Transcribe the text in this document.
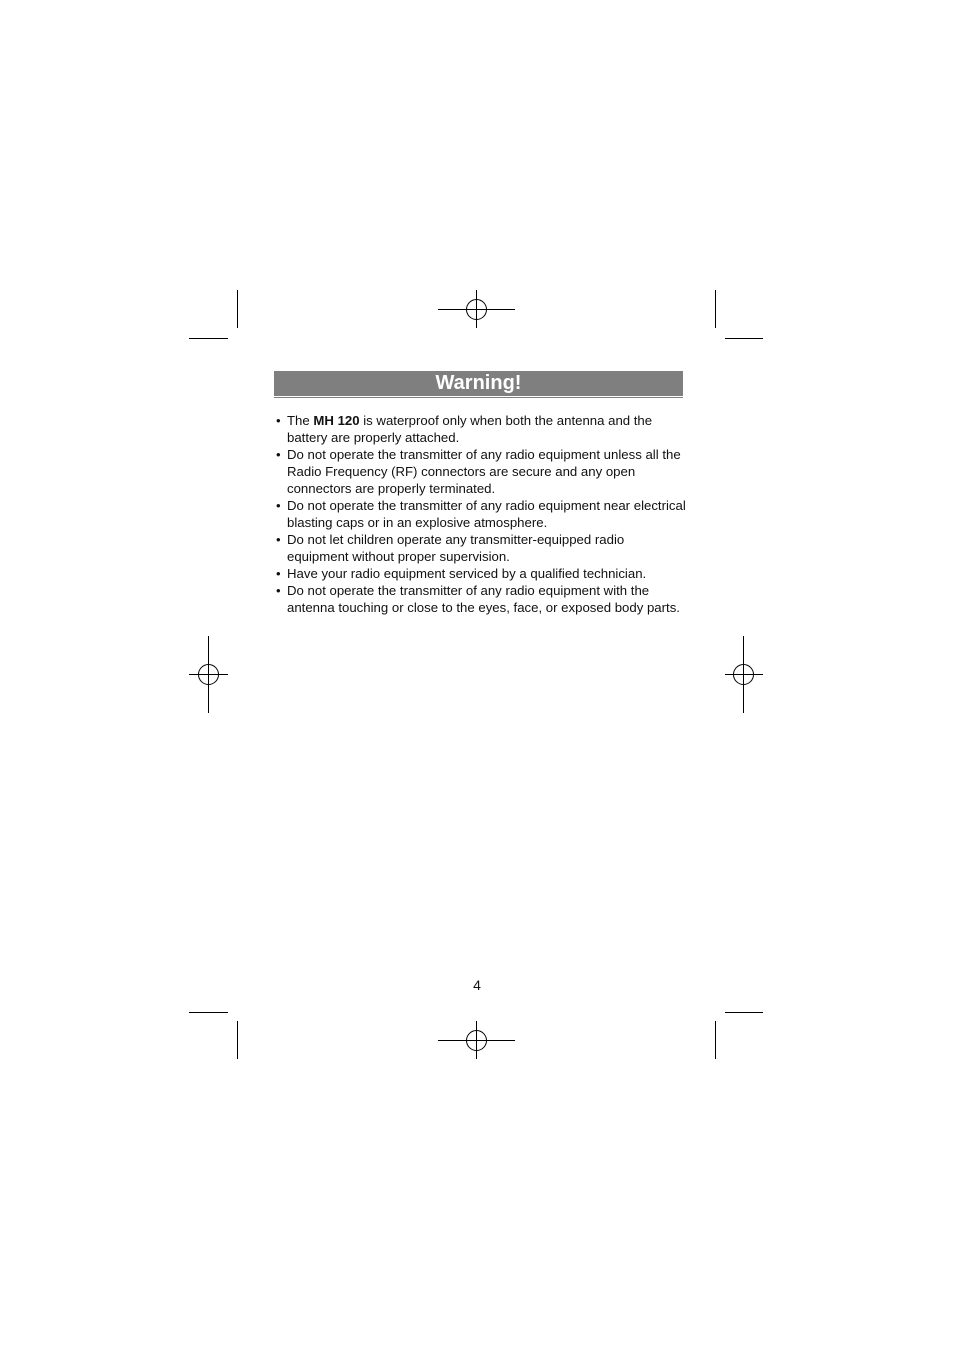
Warning!
• The MH 120 is waterproof only when both the antenna and the battery are properly attached.
• Do not operate the transmitter of any radio equipment unless all the Radio Frequency (RF) connectors are secure and any open connectors are properly terminated.
• Do not operate the transmitter of any radio equipment near electrical blasting caps or in an explosive atmosphere.
• Do not let children operate any transmitter-equipped radio equipment without proper supervision.
• Have your radio equipment serviced by a qualified technician.
• Do not operate the transmitter of any radio equipment with the antenna touching or close to the eyes, face, or exposed body parts.
4
